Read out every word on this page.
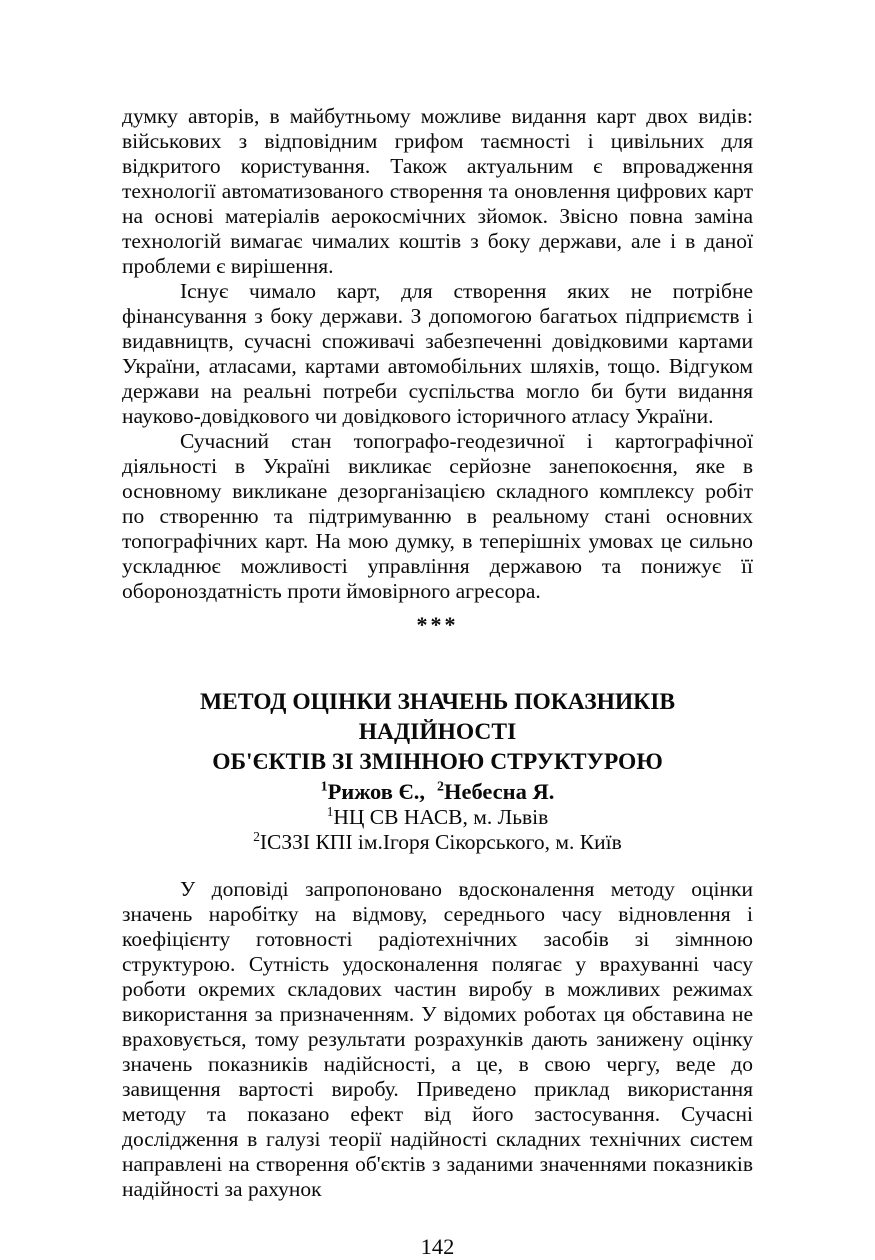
думку авторів, в майбутньому можливе видання карт двох видів: військових з відповідним грифом таємності і цивільних для відкритого користування. Також актуальним є впровадження технології автоматизованого створення та оновлення цифрових карт на основі матеріалів аерокосмічних зйомок. Звісно повна заміна технологій вимагає чималих коштів з боку держави, але і в даної проблеми є вирішення.

Існує чимало карт, для створення яких не потрібне фінансування з боку держави. З допомогою багатьох підприємств і видавництв, сучасні споживачі забезпеченні довідковими картами України, атласами, картами автомобільних шляхів, тощо. Відгуком держави на реальні потреби суспільства могло би бути видання науково-довідкового чи довідкового історичного атласу України.

Сучасний стан топографо-геодезичної і картографічної діяльності в Україні викликає серйозне занепокоєння, яке в основному викликане дезорганізацією складного комплексу робіт по створенню та підтримуванню в реальному стані основних топографічних карт. На мою думку, в теперішніх умовах це сильно ускладнює можливості управління державою та понижує її обороноздатність проти ймовірного агресора.

***
МЕТОД ОЦІНКИ ЗНАЧЕНЬ ПОКАЗНИКІВ НАДІЙНОСТІ
ОБ'ЄКТІВ ЗІ ЗМІННОЮ СТРУКТУРОЮ
$^1$Рижов Є., $^2$Небесна Я.
$^1$НЦ СВ НАСВ, м. Львів
$^2$ІСЗЗІ КПІ ім.Ігоря Сікорського, м. Київ

У доповіді запропоновано вдосконалення методу оцінки значень наробітку на відмову, середнього часу відновлення і коефіцієнту готовності радіотехнічних засобів зі зімнною структурою. Сутність удосконалення полягає у врахуванні часу роботи окремих складових частин виробу в можливих режимах використання за призначенням. У відомих роботах ця обставина не враховується, тому результати розрахунків дають занижену оцінку значень показників надійсності, а це, в свою чергу, веде до завищення вартості виробу. Приведено приклад використання методу та показано ефект від його застосування. Сучасні дослідження в галузі теорії надійності складних технічних систем направлені на створення об'єктів з заданими значеннями показників надійності за рахунок

142
